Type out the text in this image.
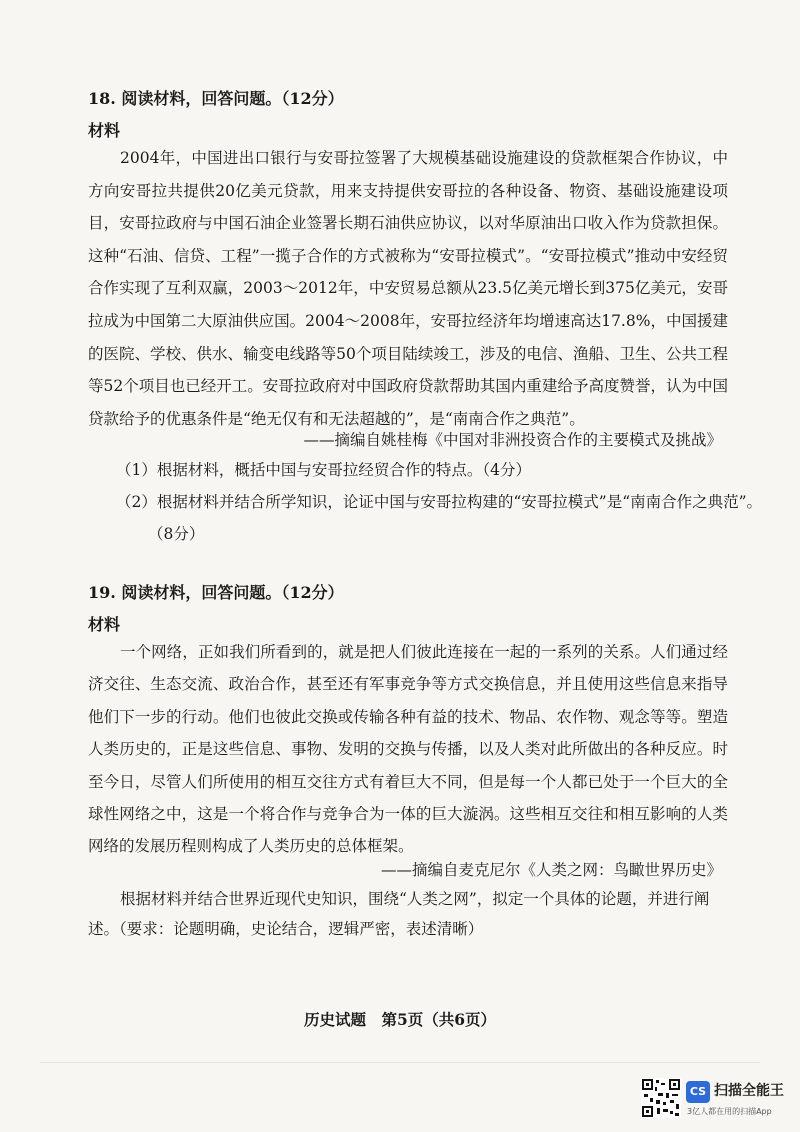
18. 阅读材料，回答问题。（12分）
材料

2004年，中国进出口银行与安哥拉签署了大规模基础设施建设的贷款框架合作协议，中方向安哥拉共提供20亿美元贷款，用来支持提供安哥拉的各种设备、物资、基础设施建设项目，安哥拉政府与中国石油企业签署长期石油供应协议，以对华原油出口收入作为贷款担保。这种“石油、信贷、工程”一揽子合作的方式被称为“安哥拉模式”。“安哥拉模式”推动中安经贸合作实现了互利双赢，2003～2012年，中安贸易总额从23.5亿美元增长到375亿美元，安哥拉成为中国第二大原油供应国。2004～2008年，安哥拉经济年均增速高达17.8%，中国援建的医院、学校、供水、输变电线路等50个项目陆续竣工，涉及的电信、渔船、卫生、公共工程等52个项目也已经开工。安哥拉政府对中国政府贷款帮助其国内重建给予高度赞誉，认为中国贷款给予的优惠条件是“绝无仅有和无法超越的”，是“南南合作之典范”。

——摘编自姚桂梅《中国对非洲投资合作的主要模式及挑战》

（1）根据材料，概括中国与安哥拉经贸合作的特点。（4分）

（2）根据材料并结合所学知识，论证中国与安哥拉构建的“安哥拉模式”是“南南合作之典范”。（8分）

19. 阅读材料，回答问题。（12分）
材料

一个网络，正如我们所看到的，就是把人们彼此连接在一起的一系列的关系。人们通过经济交往、生态交流、政治合作，甚至还有军事竞争等方式交换信息，并且使用这些信息来指导他们下一步的行动。他们也彼此交换或传输各种有益的技术、物品、农作物、观念等等。塑造人类历史的，正是这些信息、事物、发明的交换与传播，以及人类对此所做出的各种反应。时至今日，尽管人们所使用的相互交往方式有着巨大不同，但是每一个人都已处于一个巨大的全球性网络之中，这是一个将合作与竞争合为一体的巨大漩涡。这些相互交往和相互影响的人类网络的发展历程则构成了人类历史的总体框架。

——摘编自麦克尼尔《人类之网：鸟瞰世界历史》

根据材料并结合世界近现代史知识，围绕“人类之网”，拟定一个具体的论题，并进行阐述。（要求：论题明确，史论结合，逻辑严密，表述清晰）

历史试题　第5页（共6页）
CS 扫描全能王
3亿人都在用的扫描App
